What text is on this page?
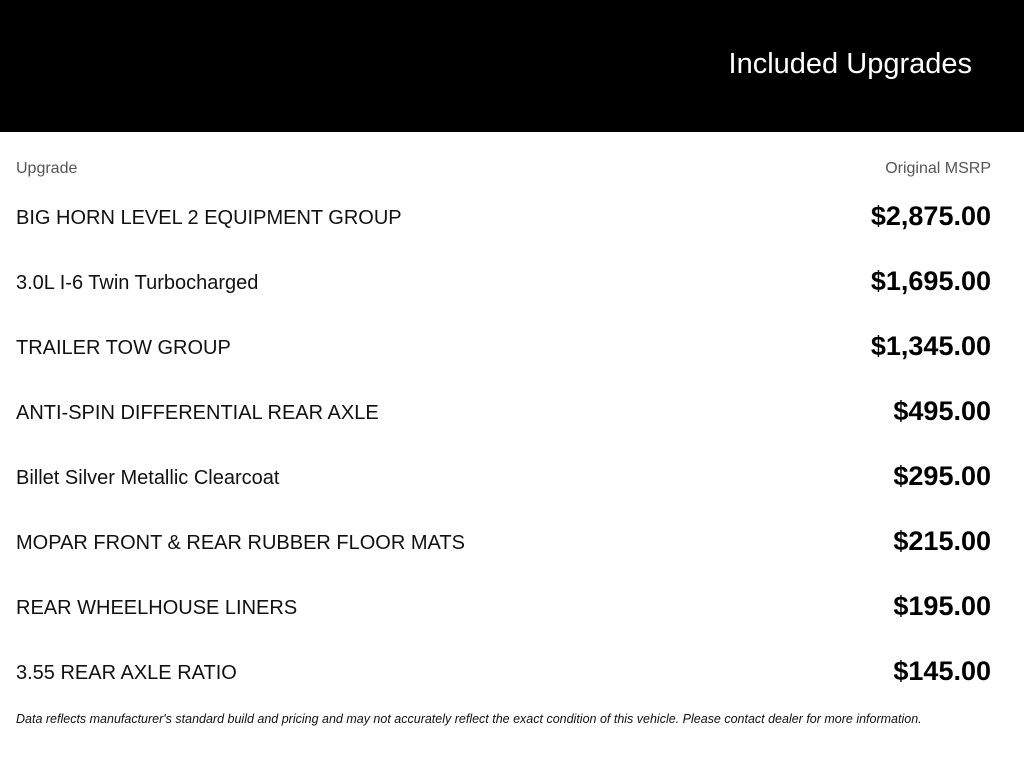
Included Upgrades
Upgrade	Original MSRP
BIG HORN LEVEL 2 EQUIPMENT GROUP	$2,875.00
3.0L I-6 Twin Turbocharged	$1,695.00
TRAILER TOW GROUP	$1,345.00
ANTI-SPIN DIFFERENTIAL REAR AXLE	$495.00
Billet Silver Metallic Clearcoat	$295.00
MOPAR FRONT & REAR RUBBER FLOOR MATS	$215.00
REAR WHEELHOUSE LINERS	$195.00
3.55 REAR AXLE RATIO	$145.00
Data reflects manufacturer's standard build and pricing and may not accurately reflect the exact condition of this vehicle. Please contact dealer for more information.
